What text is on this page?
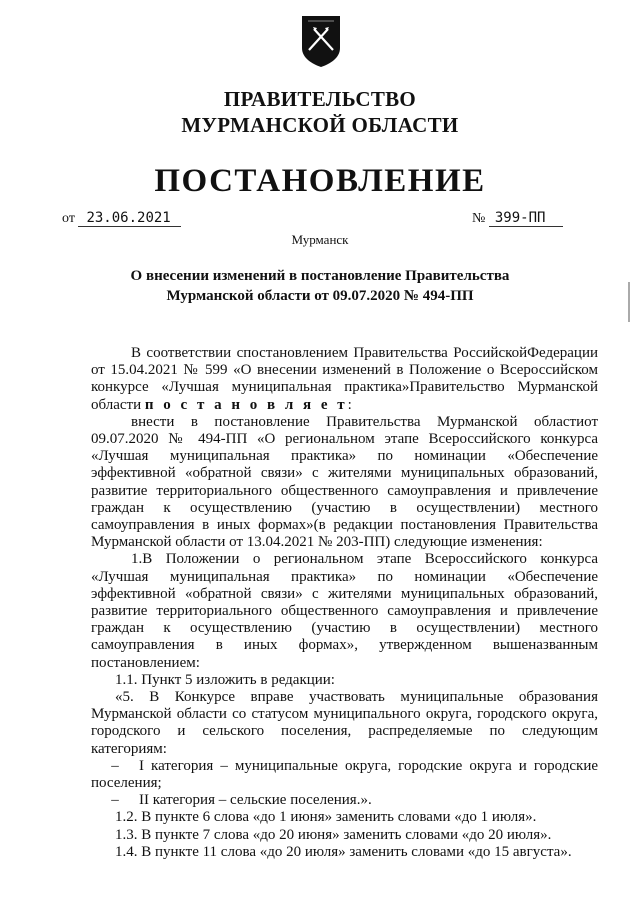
ПРАВИТЕЛЬСТВО
МУРМАНСКОЙ ОБЛАСТИ
ПОСТАНОВЛЕНИЕ
от 23.06.2021	№ 399-ПП
Мурманск
О внесении изменений в постановление Правительства
Мурманской области от 09.07.2020 № 494-ПП

В соответствии спостановлением Правительства РоссийскойФедерации от 15.04.2021 № 599 «О внесении изменений в Положение о Всероссийском конкурсе «Лучшая муниципальная практика»Правительство Мурманской области п о с т а н о в л я е т:

внести в постановление Правительства Мурманской областиот 09.07.2020 № 494-ПП «О региональном этапе Всероссийского конкурса «Лучшая муниципальная практика» по номинации «Обеспечение эффективной «обратной связи» с жителями муниципальных образований, развитие территориального общественного самоуправления и привлечение граждан к осуществлению (участию в осуществлении) местного самоуправления в иных формах»(в редакции постановления Правительства Мурманской области от 13.04.2021 № 203-ПП) следующие изменения:

1.В Положении о региональном этапе Всероссийского конкурса «Лучшая муниципальная практика» по номинации «Обеспечение эффективной «обратной связи» с жителями муниципальных образований, развитие территориального общественного самоуправления и привлечение граждан к осуществлению (участию в осуществлении) местного самоуправления в иных формах», утвержденном вышеназванным постановлением:

1.1. Пункт 5 изложить в редакции:

«5. В Конкурсе вправе участвовать муниципальные образования Мурманской области со статусом муниципального округа, городского округа, городского и сельского поселения, распределяемые по следующим категориям:

– I категория – муниципальные округа, городские округа и городские поселения;

– II категория – сельские поселения.».

1.2. В пункте 6 слова «до 1 июня» заменить словами «до 1 июля».

1.3. В пункте 7 слова «до 20 июня» заменить словами «до 20 июля».

1.4. В пункте 11 слова «до 20 июля» заменить словами «до 15 августа».
